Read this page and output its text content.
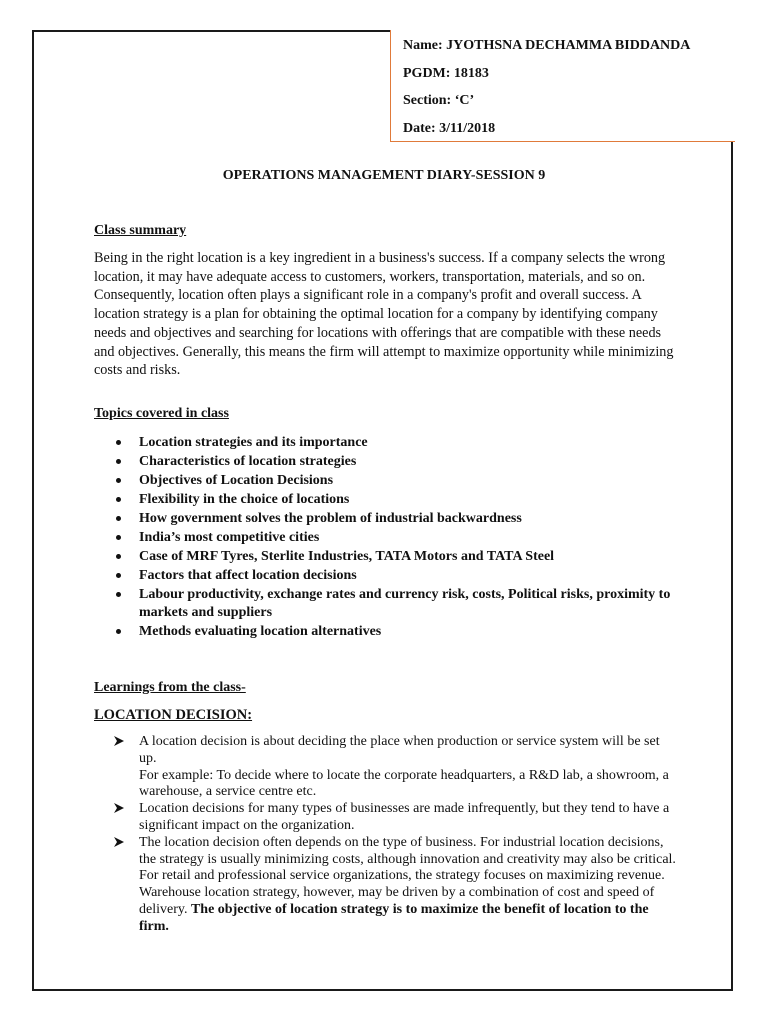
Name: JYOTHSNA DECHAMMA BIDDANDA
PGDM: 18183
Section: ‘C’
Date: 3/11/2018
OPERATIONS MANAGEMENT DIARY-SESSION 9
Class summary
Being in the right location is a key ingredient in a business's success. If a company selects the wrong location, it may have adequate access to customers, workers, transportation, materials, and so on. Consequently, location often plays a significant role in a company's profit and overall success. A location strategy is a plan for obtaining the optimal location for a company by identifying company needs and objectives and searching for locations with offerings that are compatible with these needs and objectives. Generally, this means the firm will attempt to maximize opportunity while minimizing costs and risks.
Topics covered in class
Location strategies and its importance
Characteristics of location strategies
Objectives of Location Decisions
Flexibility in the choice of locations
How government solves the problem of industrial backwardness
India’s most competitive cities
Case of MRF Tyres, Sterlite Industries, TATA Motors and TATA Steel
Factors that affect location decisions
Labour productivity, exchange rates and currency risk, costs, Political risks, proximity to markets and suppliers
Methods evaluating location alternatives
Learnings from the class-
LOCATION DECISION:
A location decision is about deciding the place when production or service system will be set up.
For example: To decide where to locate the corporate headquarters, a R&D lab, a showroom, a warehouse, a service centre etc.
Location decisions for many types of businesses are made infrequently, but they tend to have a significant impact on the organization.
The location decision often depends on the type of business. For industrial location decisions, the strategy is usually minimizing costs, although innovation and creativity may also be critical. For retail and professional service organizations, the strategy focuses on maximizing revenue. Warehouse location strategy, however, may be driven by a combination of cost and speed of delivery. The objective of location strategy is to maximize the benefit of location to the firm.
